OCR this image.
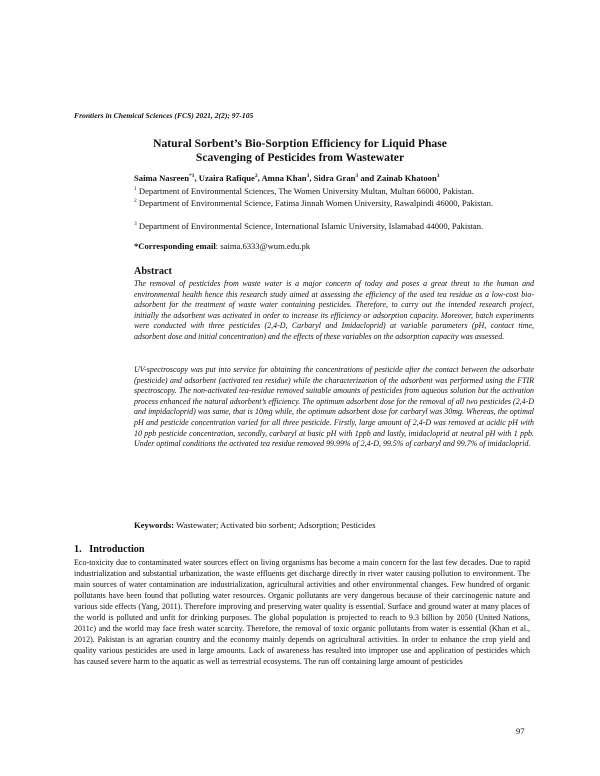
Frontiers in Chemical Sciences (FCS) 2021, 2(2); 97-105
Natural Sorbent’s Bio-Sorption Efficiency for Liquid Phase
Scavenging of Pesticides from Wastewater
Saima Nasreen$^{*1}$, Uzaira Rafique$^2$, Amna Khan$^3$, Sidra Gran$^3$ and Zainab Khatoon$^3$
$^1$ Department of Environmental Sciences, The Women University Multan, Multan 66000, Pakistan.
$^2$ Department of Environmental Science, Fatima Jinnah Women University, Rawalpindi 46000, Pakistan.
$^3$ Department of Environmental Science, International Islamic University, Islamabad 44000, Pakistan.
*Corresponding email: saima.6333@wum.edu.pk
Abstract
The removal of pesticides from waste water is a major concern of today and poses a great threat to the human and environmental health hence this research study aimed at assessing the efficiency of the used tea residue as a low-cost bio-adsorbent for the treatment of waste water containing pesticides. Therefore, to carry out the intended research project, initially the adsorbent was activated in order to increase its efficiency or adsorption capacity. Moreover, batch experiments were conducted with three pesticides (2,4-D, Carbaryl and Imidacloprid) at variable parameters (pH, contact time, adsorbent dose and initial concentration) and the effects of these variables on the adsorption capacity was assessed.
UV-spectroscopy was put into service for obtaining the concentrations of pesticide after the contact between the adsorbate (pesticide) and adsorbent (activated tea residue) while the characterization of the adsorbent was performed using the FTIR spectroscopy. The non-activated tea-residue removed suitable amounts of pesticides from aqueous solution but the activation process enhanced the natural adsorbent’s efficiency. The optimum adsorbent dose for the removal of all two pesticides (2,4-D and impidacloprid) was same, that is 10mg while, the optimum adsorbent dose for carbaryl was 30mg. Whereas, the optimal pH and pesticide concentration varied for all three pesticide. Firstly, large amount of 2,4-D was removed at acidic pH with 10 ppb pesticide concentration, secondly, carbaryl at basic pH with 1ppb and lastly, imidacloprid at neutral pH with 1 ppb. Under optimal conditions the activated tea residue removed 99.99% of 2,4-D, 99.5% of carbaryl and 99.7% of imidacloprid.
Keywords: Wastewater; Activated bio sorbent; Adsorption; Pesticides
1.   Introduction
Eco-toxicity due to contaminated water sources effect on living organisms has become a main concern for the last few decades. Due to rapid industrialization and substantial urbanization, the waste effluents get discharge directly in river water causing pollution to environment. The main sources of water contamination are industrialization, agricultural activities and other environmental changes. Few hundred of organic pollutants have been found that polluting water resources. Organic pollutants are very dangerous because of their carcinogenic nature and various side effects (Yang, 2011). Therefore improving and preserving water quality is essential. Surface and ground water at many places of the world is polluted and unfit for drinking purposes. The global population is projected to reach to 9.3 billion by 2050 (United Nations, 2011c) and the world may face fresh water scarcity. Therefore, the removal of toxic organic pollutants from water is essential (Khan et al., 2012). Pakistan is an agrarian country and the economy mainly depends on agricultural activities. In order to enhance the crop yield and quality various pesticides are used in large amounts. Lack of awareness has resulted into improper use and application of pesticides which has caused severe harm to the aquatic as well as terrestrial ecosystems. The run off containing large amount of pesticides
97
